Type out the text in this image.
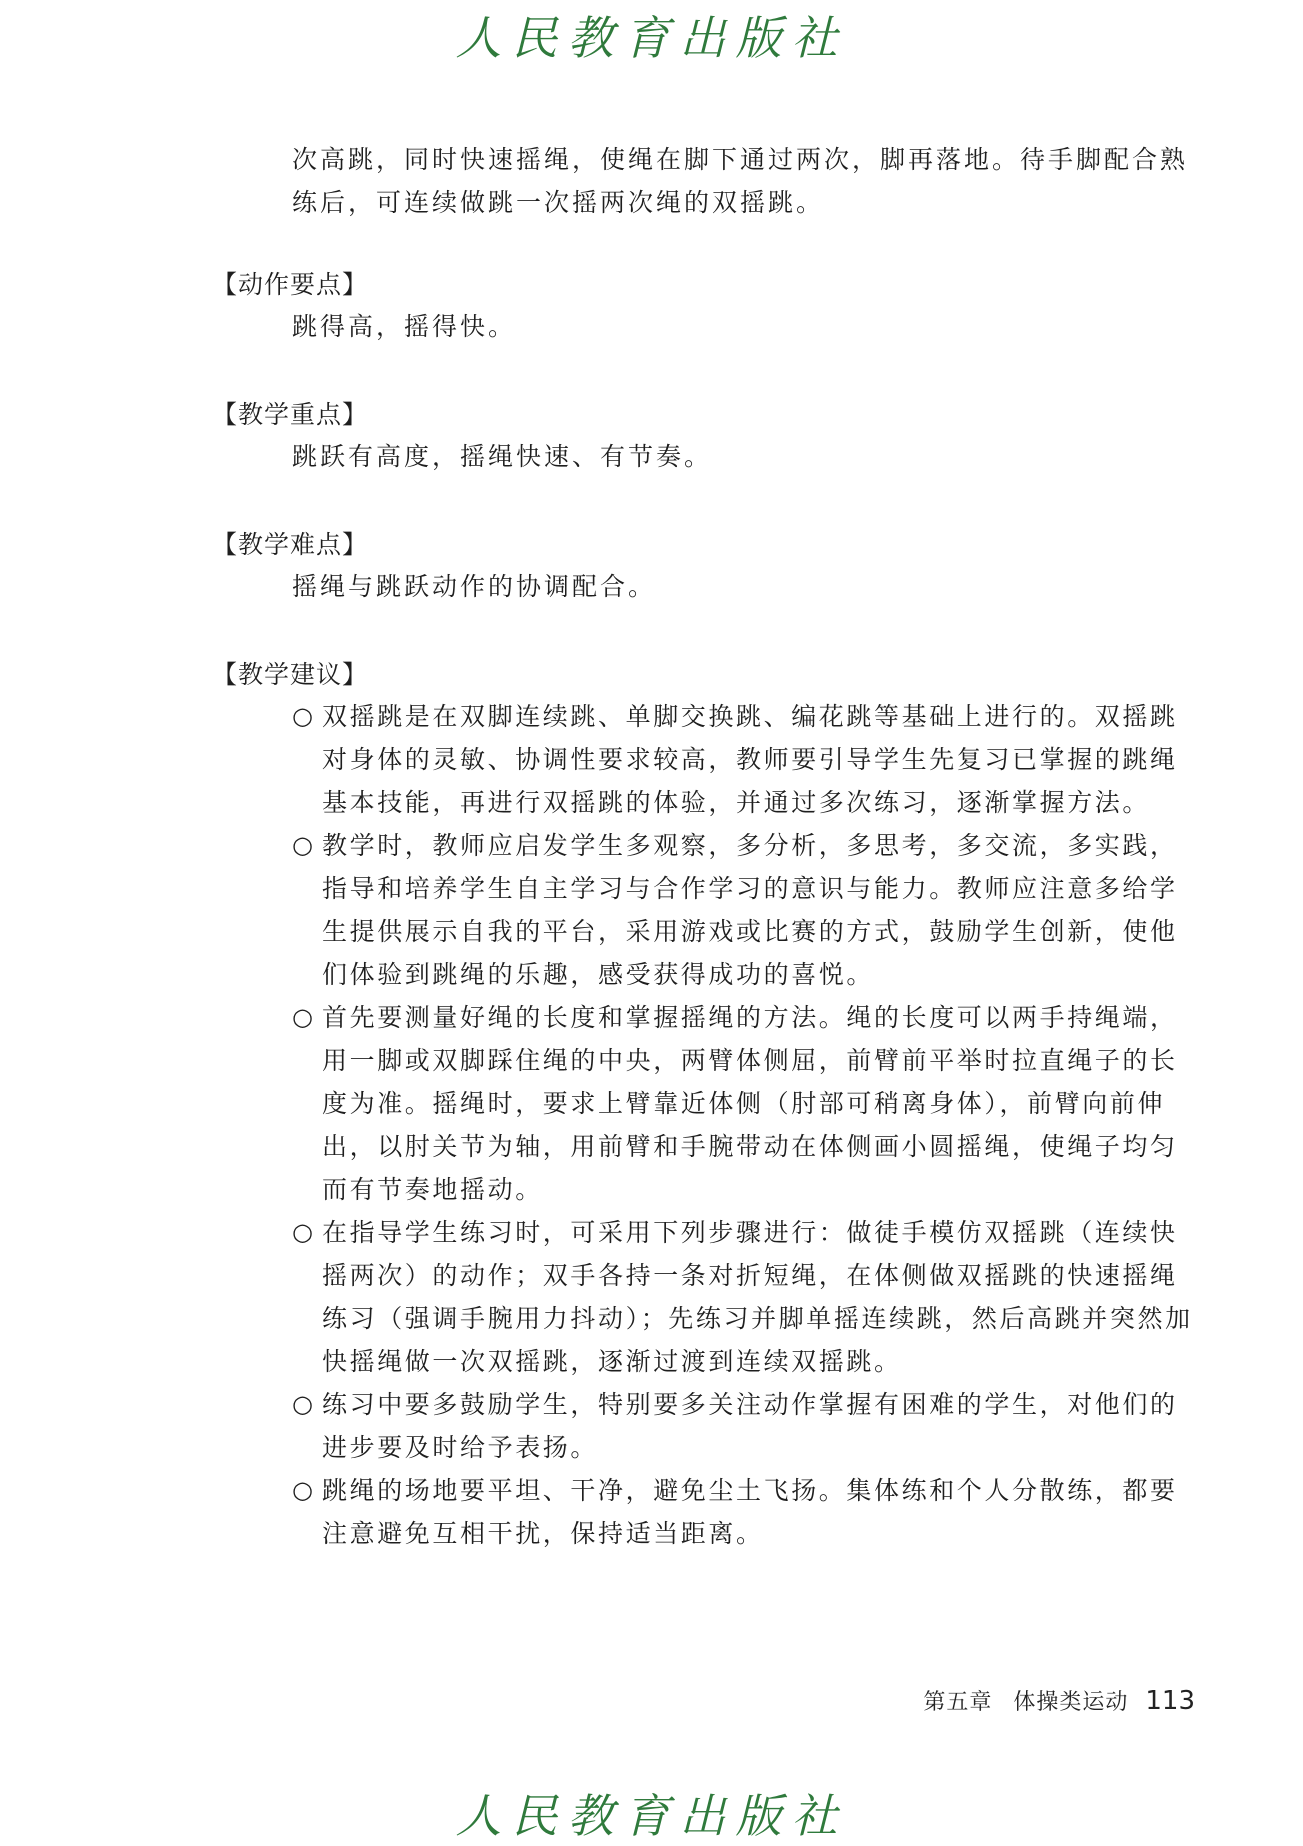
人民教育出版社

次高跳，同时快速摇绳，使绳在脚下通过两次，脚再落地。待手脚配合熟练后，可连续做跳一次摇两次绳的双摇跳。

【动作要点】

跳得高，摇得快。

【教学重点】

跳跃有高度，摇绳快速、有节奏。

【教学难点】

摇绳与跳跃动作的协调配合。

【教学建议】
○ 双摇跳是在双脚连续跳、单脚交换跳、编花跳等基础上进行的。双摇跳对身体的灵敏、协调性要求较高，教师要引导学生先复习已掌握的跳绳基本技能，再进行双摇跳的体验，并通过多次练习，逐渐掌握方法。
○ 教学时，教师应启发学生多观察，多分析，多思考，多交流，多实践，指导和培养学生自主学习与合作学习的意识与能力。教师应注意多给学生提供展示自我的平台，采用游戏或比赛的方式，鼓励学生创新，使他们体验到跳绳的乐趣，感受获得成功的喜悦。
○ 首先要测量好绳的长度和掌握摇绳的方法。绳的长度可以两手持绳端，用一脚或双脚踩住绳的中央，两臂体侧屈，前臂前平举时拉直绳子的长度为准。摇绳时，要求上臂靠近体侧（肘部可稍离身体），前臂向前伸出，以肘关节为轴，用前臂和手腕带动在体侧画小圆摇绳，使绳子均匀而有节奏地摇动。
○ 在指导学生练习时，可采用下列步骤进行：做徒手模仿双摇跳（连续快摇两次）的动作；双手各持一条对折短绳，在体侧做双摇跳的快速摇绳练习（强调手腕用力抖动）；先练习并脚单摇连续跳，然后高跳并突然加快摇绳做一次双摇跳，逐渐过渡到连续双摇跳。
○ 练习中要多鼓励学生，特别要多关注动作掌握有困难的学生，对他们的进步要及时给予表扬。
○ 跳绳的场地要平坦、干净，避免尘土飞扬。集体练和个人分散练，都要注意避免互相干扰，保持适当距离。
第五章 体操类运动 113
人民教育出版社
